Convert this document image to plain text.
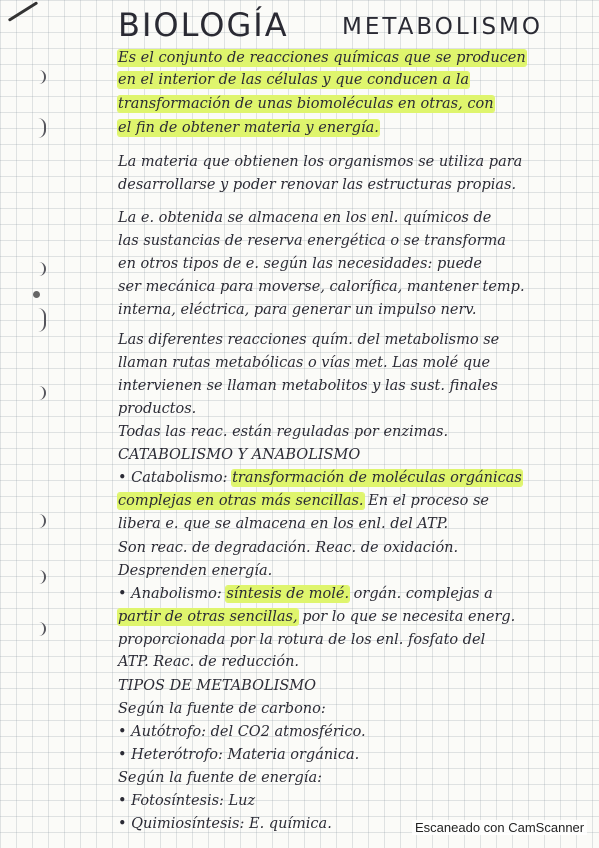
BIOLOGÍA METABOLISMO
Es el conjunto de reacciones químicas que se producen
en el interior de las células y que conducen a la
transformación de unas biomoléculas en otras, con
el fin de obtener materia y energía.
La materia que obtienen los organismos se utiliza para
desarrollarse y poder renovar las estructuras propias.
La e. obtenida se almacena en los enl. químicos de
las sustancias de reserva energética o se transforma
en otros tipos de e. según las necesidades: puede
ser mecánica para moverse, calorífica, mantener temp.
interna, eléctrica, para generar un impulso nerv.
Las diferentes reacciones quím. del metabolismo se
llaman rutas metabólicas o vías met. Las molé que
intervienen se llaman metabolitos y las sust. finales
productos.
Todas las reac. están reguladas por enzimas.
CATABOLISMO Y ANABOLISMO
• Catabolismo: transformación de moléculas orgánicas
complejas en otras más sencillas. En el proceso se
libera e. que se almacena en los enl. del ATP.
Son reac. de degradación. Reac. de oxidación.
Desprenden energía.
• Anabolismo: síntesis de molé. orgán. complejas a
partir de otras sencillas, por lo que se necesita energ.
proporcionada por la rotura de los enl. fosfato del
ATP. Reac. de reducción.
TIPOS DE METABOLISMO
Según la fuente de carbono:
• Autótrofo: del CO2 atmosférico.
• Heterótrofo: Materia orgánica.
Según la fuente de energía:
• Fotosíntesis: Luz
• Quimiosíntesis: E. química.	Escaneado con CamScanner
